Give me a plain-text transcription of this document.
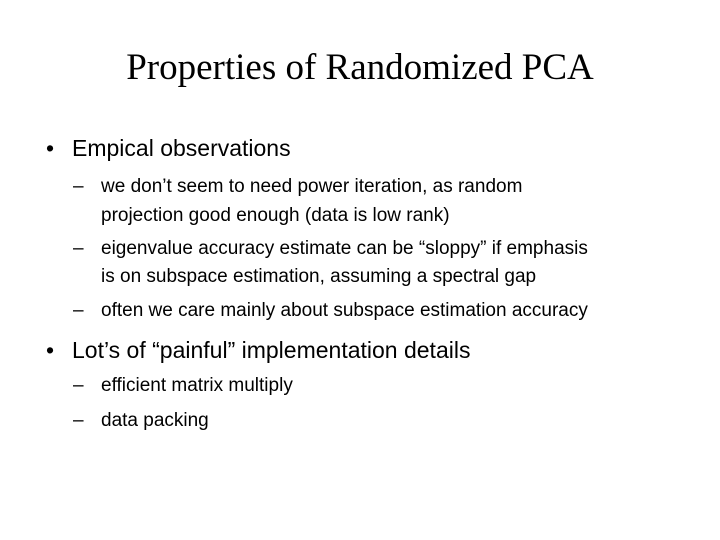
Properties of Randomized PCA
• Empical observations
– we don’t seem to need power iteration, as random
projection good enough (data is low rank)
– eigenvalue accuracy estimate can be “sloppy” if emphasis
is on subspace estimation, assuming a spectral gap
– often we care mainly about subspace estimation accuracy
• Lot’s of “painful” implementation details
– efficient matrix multiply
– data packing
